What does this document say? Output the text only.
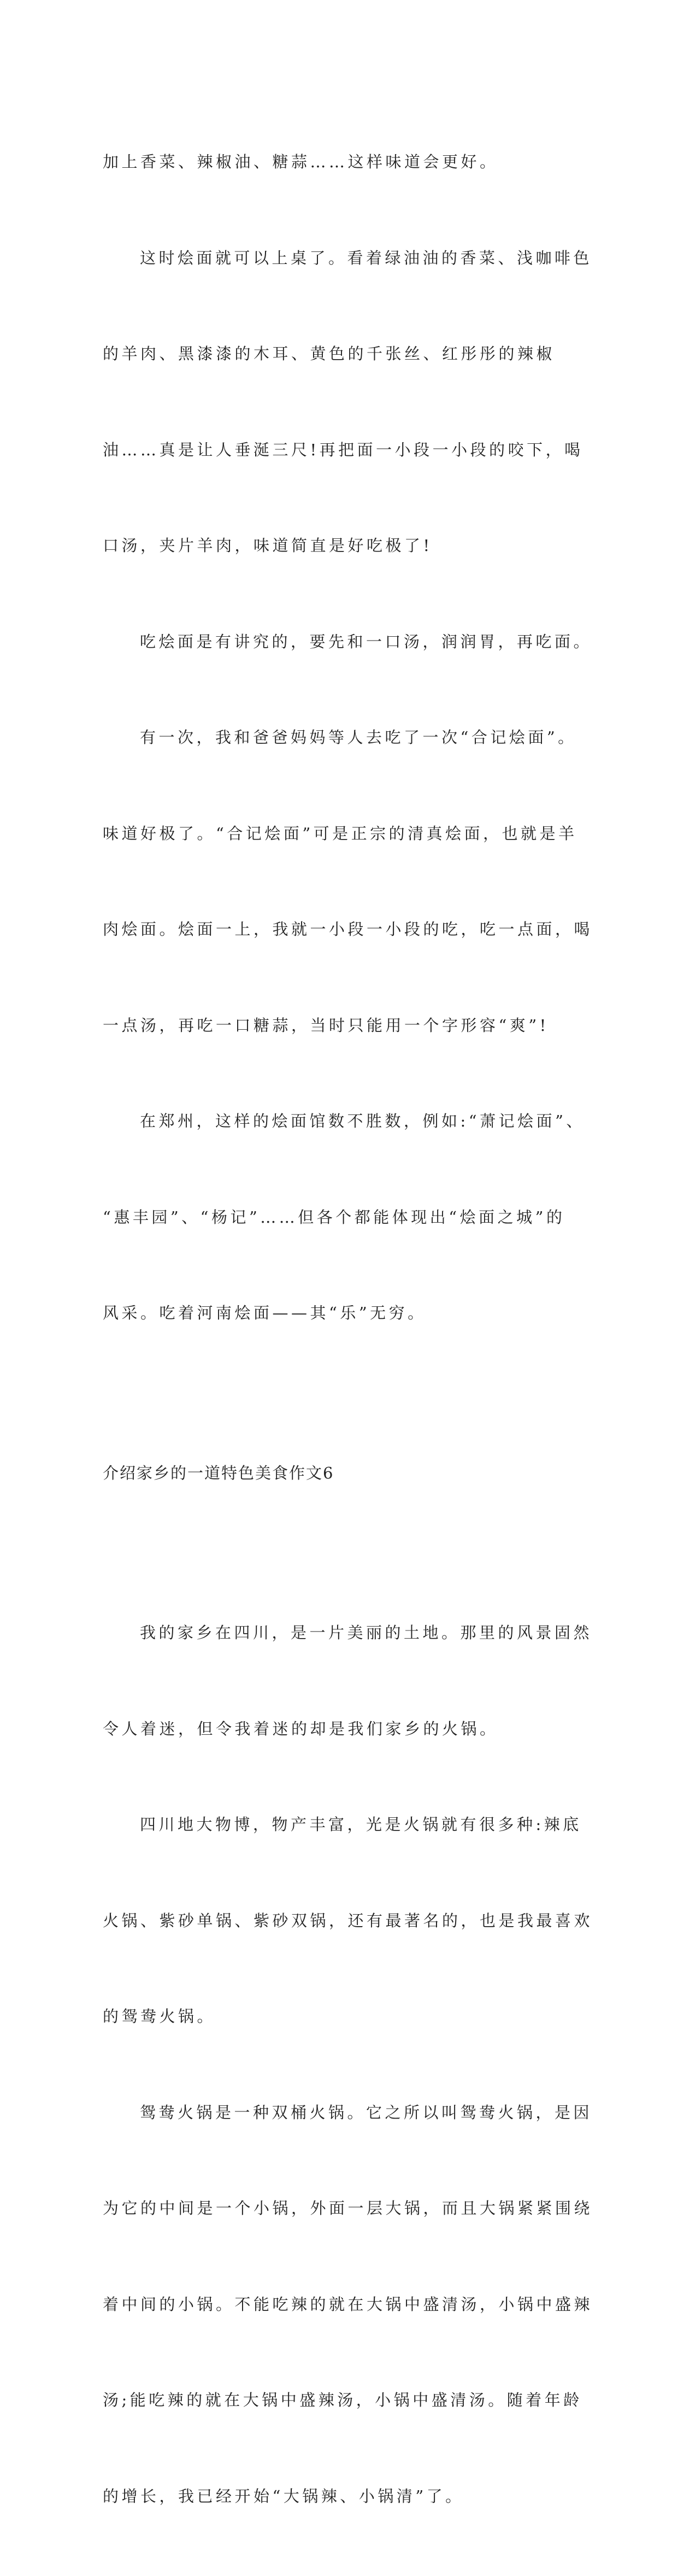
加上香菜、辣椒油、糖蒜……这样味道会更好。

这时烩面就可以上桌了。看着绿油油的香菜、浅咖啡色

的羊肉、黑漆漆的木耳、黄色的千张丝、红彤彤的辣椒

油……真是让人垂涎三尺!再把面一小段一小段的咬下，喝

口汤，夹片羊肉，味道简直是好吃极了!

吃烩面是有讲究的，要先和一口汤，润润胃，再吃面。

有一次，我和爸爸妈妈等人去吃了一次“合记烩面”。

味道好极了。“合记烩面”可是正宗的清真烩面，也就是羊

肉烩面。烩面一上，我就一小段一小段的吃，吃一点面，喝

一点汤，再吃一口糖蒜，当时只能用一个字形容“爽”!

在郑州，这样的烩面馆数不胜数，例如:“萧记烩面”、

“惠丰园”、“杨记”……但各个都能体现出“烩面之城”的

风采。吃着河南烩面——其“乐”无穷。

介绍家乡的一道特色美食作文6

我的家乡在四川，是一片美丽的土地。那里的风景固然

令人着迷，但令我着迷的却是我们家乡的火锅。

四川地大物博，物产丰富，光是火锅就有很多种:辣底

火锅、紫砂单锅、紫砂双锅，还有最著名的，也是我最喜欢

的鸳鸯火锅。

鸳鸯火锅是一种双桶火锅。它之所以叫鸳鸯火锅，是因

为它的中间是一个小锅，外面一层大锅，而且大锅紧紧围绕

着中间的小锅。不能吃辣的就在大锅中盛清汤，小锅中盛辣

汤;能吃辣的就在大锅中盛辣汤，小锅中盛清汤。随着年龄

的增长，我已经开始“大锅辣、小锅清”了。
